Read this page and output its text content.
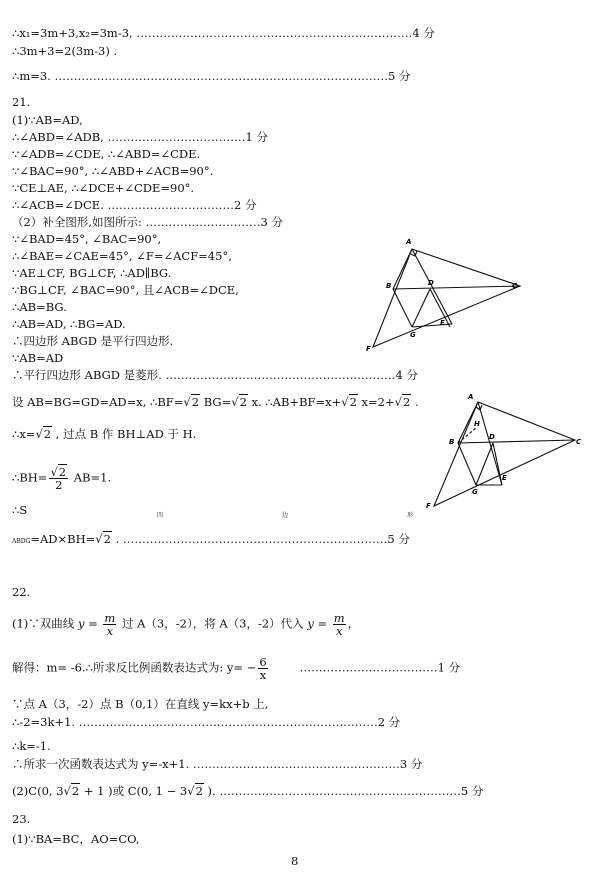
∴x₁=3m+3,x₂=3m-3, ………………………………………………………………4 分
∴3m+3=2(3m-3) .
∴m=3. ……………………………………………………………………………5 分
21.
(1)∵AB=AD,
∴∠ABD=∠ADB, ………………………………1 分
∵∠ADB=∠CDE, ∴∠ABD=∠CDE.
∵∠BAC=90°, ∴∠ABD+∠ACB=90°.
∵CE⊥AE, ∴∠DCE+∠CDE=90°.
∴∠ACB=∠DCE. ……………………………2 分
（2）补全图形,如图所示: …………………………3 分
∵∠BAD=45°, ∠BAC=90°,
∴∠BAE=∠CAE=45°, ∠F=∠ACF=45°,
∵AE⊥CF, BG⊥CF, ∴AD∥BG.
∵BG⊥CF, ∠BAC=90°, 且∠ACB=∠DCE,
∴AB=BG.
∴AB=AD, ∴BG=AD.
∴四边形 ABGD 是平行四边形.
∵AB=AD
∴平行四边形 ABGD 是菱形. ……………………………………………………4 分
设 AB=BG=GD=AD=x, ∴BF= √ 2 BG= √ 2 x. ∴AB+BF=x+ √ 2 x=2+ √ 2 .
∴x= √ 2 , 过点 B 作 BH⊥AD 于 H.
∴BH= √ $\frac{2}{2} AB=1$.
∴S	四	边	形
ABDG=AD×BH= √ 2 . ……………………………………………………………5 分
22.
(1)∵双曲线 $y = \frac{m}{x}$ 过 A（3，-2），将 A（3，-2）代入 $y = \frac{m}{x}$ ，
解得：m= -6.∴所求反比例函数表达式为: $y= - \frac{6}{x}$	………………………………1 分
∵点 A（3，-2）点 B（0,1）在直线 y=kx+b 上,
∴-2=3k+1. ……………………………………………………………………2 分
∴k=-1.
∴所求一次函数表达式为 y=-x+1. ………………………………………………3 分
(2)C(0, 3 √ 2 + 1 )或 C(0, 1 − 3 √ 2 ). ………………………………………………………5 分
23.
(1)∵BA=BC，AO=CO,
8
A
B	C
D
E
F
G
A
B	C
D
E
F
G
H
